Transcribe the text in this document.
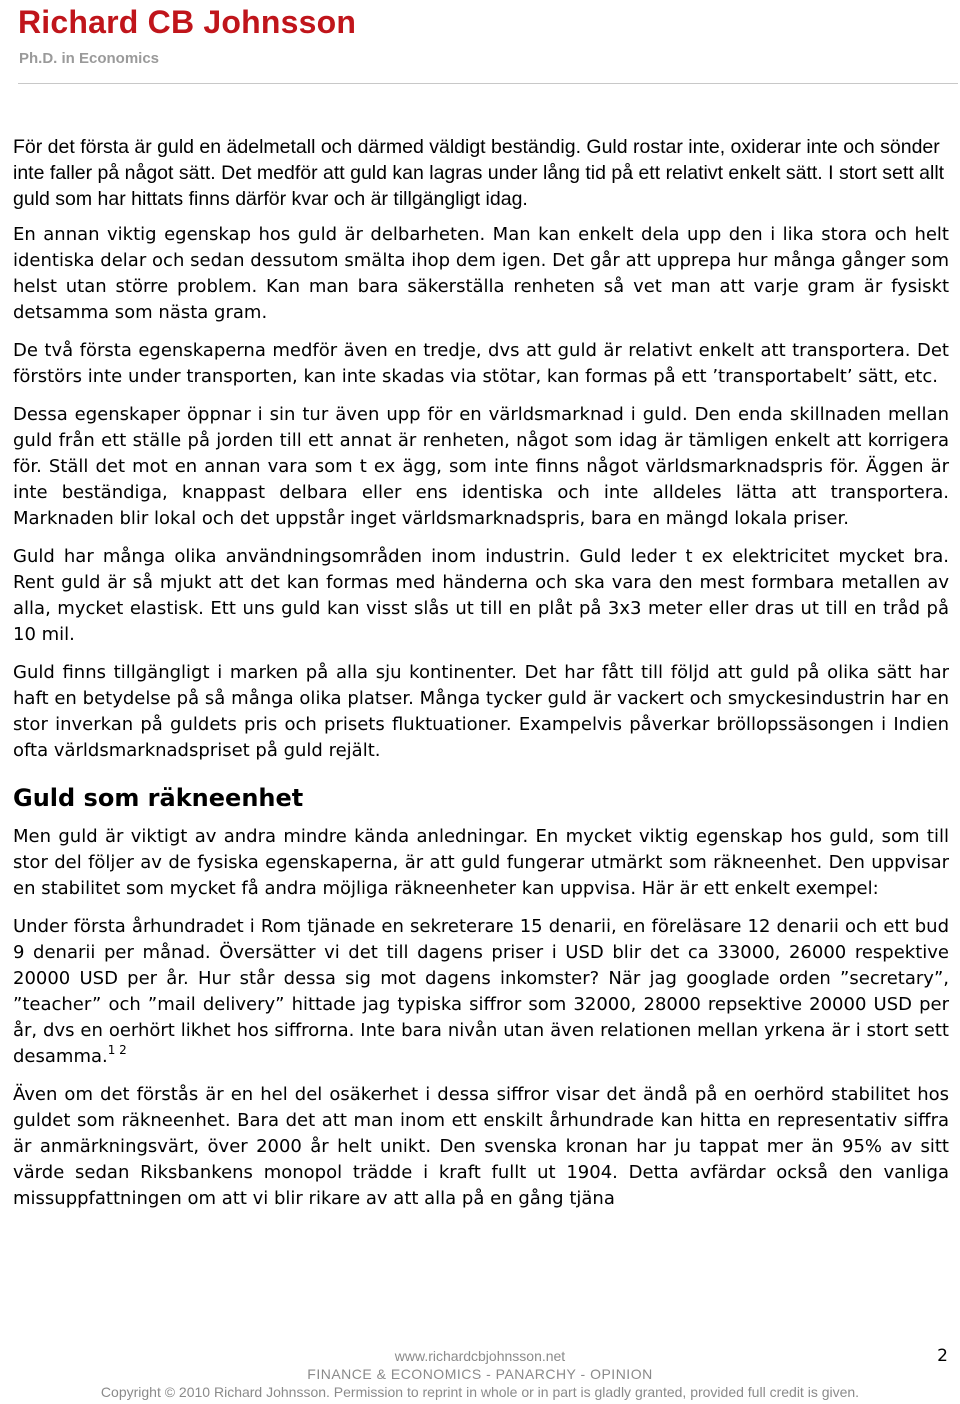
Richard CB Johnsson
Ph.D. in Economics

För det första är guld en ädelmetall och därmed väldigt beständig. Guld rostar inte, oxiderar inte och sönder inte faller på något sätt. Det medför att guld kan lagras under lång tid på ett relativt enkelt sätt. I stort sett allt guld som har hittats finns därför kvar och är tillgängligt idag.

En annan viktig egenskap hos guld är delbarheten. Man kan enkelt dela upp den i lika stora och helt identiska delar och sedan dessutom smälta ihop dem igen. Det går att upprepa hur många gånger som helst utan större problem. Kan man bara säkerställa renheten så vet man att varje gram är fysiskt detsamma som nästa gram.

De två första egenskaperna medför även en tredje, dvs att guld är relativt enkelt att transportera. Det förstörs inte under transporten, kan inte skadas via stötar, kan formas på ett ’transportabelt’ sätt, etc.

Dessa egenskaper öppnar i sin tur även upp för en världsmarknad i guld. Den enda skillnaden mellan guld från ett ställe på jorden till ett annat är renheten, något som idag är tämligen enkelt att korrigera för. Ställ det mot en annan vara som t ex ägg, som inte finns något världsmarknadspris för. Äggen är inte beständiga, knappast delbara eller ens identiska och inte alldeles lätta att transportera. Marknaden blir lokal och det uppstår inget världsmarknadspris, bara en mängd lokala priser.

Guld har många olika användningsområden inom industrin. Guld leder t ex elektricitet mycket bra. Rent guld är så mjukt att det kan formas med händerna och ska vara den mest formbara metallen av alla, mycket elastisk. Ett uns guld kan visst slås ut till en plåt på 3x3 meter eller dras ut till en tråd på 10 mil.

Guld finns tillgängligt i marken på alla sju kontinenter. Det har fått till följd att guld på olika sätt har haft en betydelse på så många olika platser. Många tycker guld är vackert och smyckesindustrin har en stor inverkan på guldets pris och prisets fluktuationer. Exampelvis påverkar bröllopssäsongen i Indien ofta världsmarknadspriset på guld rejält.

Guld som räkneenhet

Men guld är viktigt av andra mindre kända anledningar. En mycket viktig egenskap hos guld, som till stor del följer av de fysiska egenskaperna, är att guld fungerar utmärkt som räkneenhet. Den uppvisar en stabilitet som mycket få andra möjliga räkneenheter kan uppvisa. Här är ett enkelt exempel:

Under första århundradet i Rom tjänade en sekreterare 15 denarii, en föreläsare 12 denarii och ett bud 9 denarii per månad. Översätter vi det till dagens priser i USD blir det ca 33000, 26000 respektive 20000 USD per år. Hur står dessa sig mot dagens inkomster? När jag googlade orden ”secretary”, ”teacher” och ”mail delivery” hittade jag typiska siffror som 32000, 28000 repsektive 20000 USD per år, dvs en oerhört likhet hos siffrorna. Inte bara nivån utan även relationen mellan yrkena är i stort sett desamma.$^{1 2}$

Även om det förstås är en hel del osäkerhet i dessa siffror visar det ändå på en oerhörd stabilitet hos guldet som räkneenhet. Bara det att man inom ett enskilt århundrade kan hitta en representativ siffra är anmärkningsvärt, över 2000 år helt unikt. Den svenska kronan har ju tappat mer än 95% av sitt värde sedan Riksbankens monopol trädde i kraft fullt ut 1904. Detta avfärdar också den vanliga missuppfattningen om att vi blir rikare av att alla på en gång tjäna

www.richardcbjohnsson.net
FINANCE & ECONOMICS - PANARCHY - OPINION
Copyright © 2010 Richard Johnsson. Permission to reprint in whole or in part is gladly granted, provided full credit is given.
2
